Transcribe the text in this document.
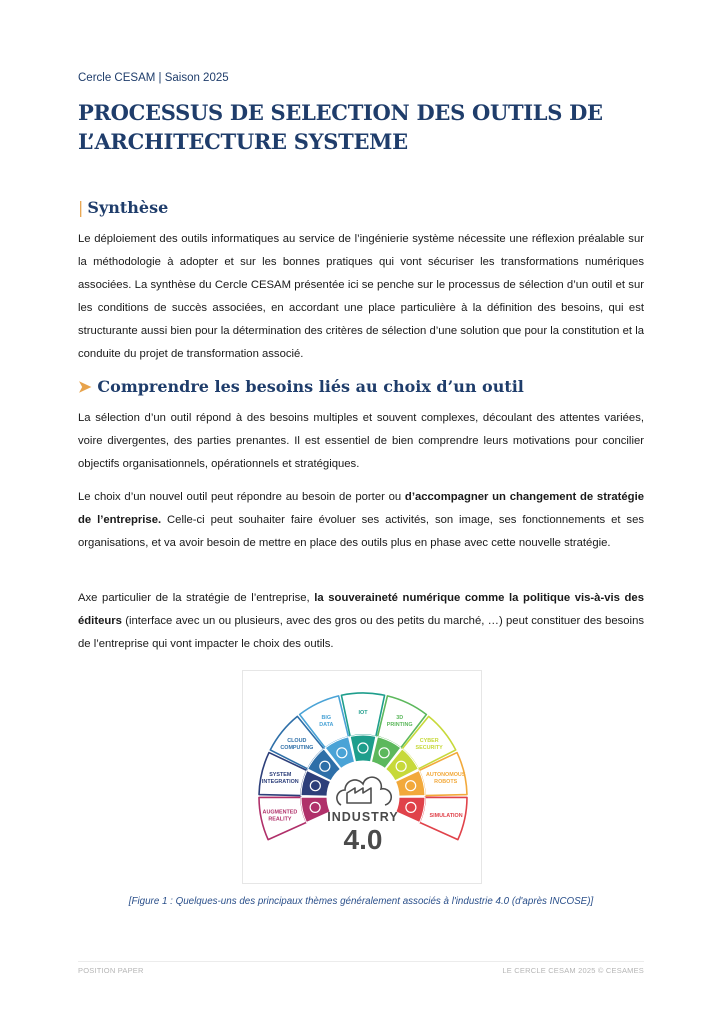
Cercle CESAM | Saison 2025
PROCESSUS DE SELECTION DES OUTILS DE
L’ARCHITECTURE SYSTEME
| Synthèse

Le déploiement des outils informatiques au service de l’ingénierie système nécessite une réflexion préalable sur la méthodologie à adopter et sur les bonnes pratiques qui vont sécuriser les transformations numériques associées. La synthèse du Cercle CESAM présentée ici se penche sur le processus de sélection d’un outil et sur les conditions de succès associées, en accordant une place particulière à la définition des besoins, qui est structurante aussi bien pour la détermination des critères de sélection d’une solution que pour la constitution et la conduite du projet de transformation associé.

➤ Comprendre les besoins liés au choix d’un outil

La sélection d’un outil répond à des besoins multiples et souvent complexes, découlant des attentes variées, voire divergentes, des parties prenantes. Il est essentiel de bien comprendre leurs motivations pour concilier objectifs organisationnels, opérationnels et stratégiques.

Le choix d’un nouvel outil peut répondre au besoin de porter ou d’accompagner un changement de stratégie de l’entreprise. Celle-ci peut souhaiter faire évoluer ses activités, son image, ses fonctionnements et ses organisations, et va avoir besoin de mettre en place des outils plus en phase avec cette nouvelle stratégie.

Axe particulier de la stratégie de l’entreprise, la souveraineté numérique comme la politique vis-à-vis des éditeurs (interface avec un ou plusieurs, avec des gros ou des petits du marché, …) peut constituer des besoins de l’entreprise qui vont impacter le choix des outils.

AUGMENTED
REALITY
SYSTEM
INTEGRATION
CLOUD
COMPUTING
BIG
DATA
IOT
3D
PRINTING
CYBER
SECURITY
AUTONOMOUS
ROBOTS
SIMULATION
INDUSTRY
4.0
[Figure 1 : Quelques-uns des principaux thèmes généralement associés à l'industrie 4.0 (d'après INCOSE)]
POSITION PAPER	LE CERCLE CESAM 2025 © CESAMES
